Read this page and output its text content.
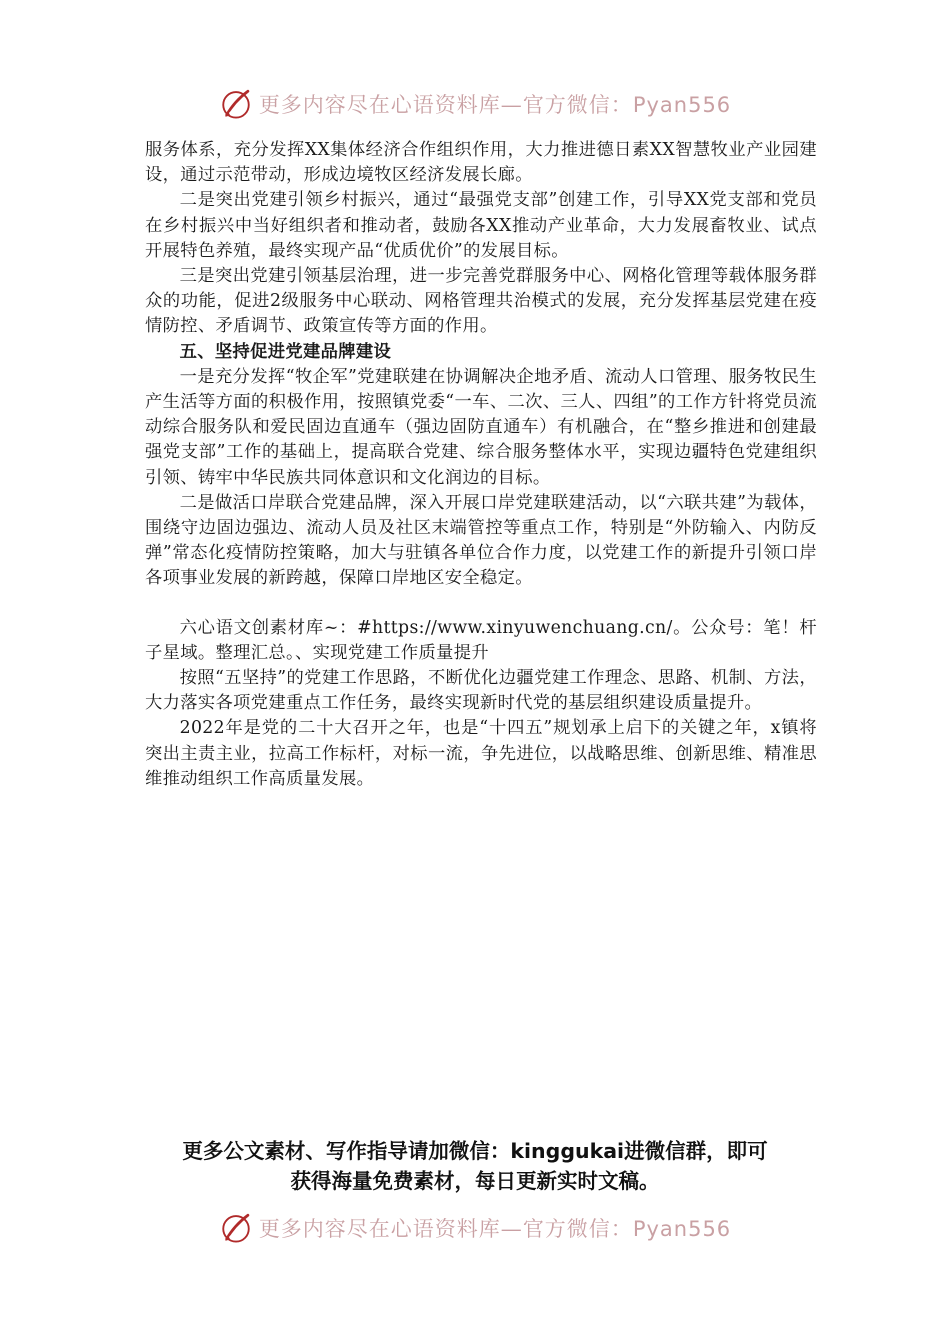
更多内容尽在心语资料库—官方微信：Pyan556

服务体系，充分发挥XX集体经济合作组织作用，大力推进德日素XX智慧牧业产业园建设，通过示范带动，形成边境牧区经济发展长廊。

二是突出党建引领乡村振兴，通过“最强党支部”创建工作，引导XX党支部和党员在乡村振兴中当好组织者和推动者，鼓励各XX推动产业革命，大力发展畜牧业、试点开展特色养殖，最终实现产品“优质优价”的发展目标。

三是突出党建引领基层治理，进一步完善党群服务中心、网格化管理等载体服务群众的功能，促进2级服务中心联动、网格管理共治模式的发展，充分发挥基层党建在疫情防控、矛盾调节、政策宣传等方面的作用。

五、坚持促进党建品牌建设

一是充分发挥“牧企军”党建联建在协调解决企地矛盾、流动人口管理、服务牧民生产生活等方面的积极作用，按照镇党委“一车、二次、三人、四组”的工作方针将党员流动综合服务队和爱民固边直通车（强边固防直通车）有机融合，在“整乡推进和创建最强党支部”工作的基础上，提高联合党建、综合服务整体水平，实现边疆特色党建组织引领、铸牢中华民族共同体意识和文化润边的目标。

二是做活口岸联合党建品牌，深入开展口岸党建联建活动，以“六联共建”为载体，围绕守边固边强边、流动人员及社区末端管控等重点工作，特别是“外防输入、内防反弹”常态化疫情防控策略，加大与驻镇各单位合作力度，以党建工作的新提升引领口岸各项事业发展的新跨越，保障口岸地区安全稳定。

六心语文创素材库~：#https://www.xinyuwenchuang.cn/。公众号：笔！杆子星域。整理汇总。、实现党建工作质量提升

按照“五坚持”的党建工作思路，不断优化边疆党建工作理念、思路、机制、方法，大力落实各项党建重点工作任务，最终实现新时代党的基层组织建设质量提升。

2022年是党的二十大召开之年，也是“十四五”规划承上启下的关键之年，x镇将突出主责主业，拉高工作标杆，对标一流，争先进位，以战略思维、创新思维、精准思维推动组织工作高质量发展。

更多公文素材、写作指导请加微信：kinggukai进微信群，即可

获得海量免费素材，每日更新实时文稿。

更多内容尽在心语资料库—官方微信：Pyan556
